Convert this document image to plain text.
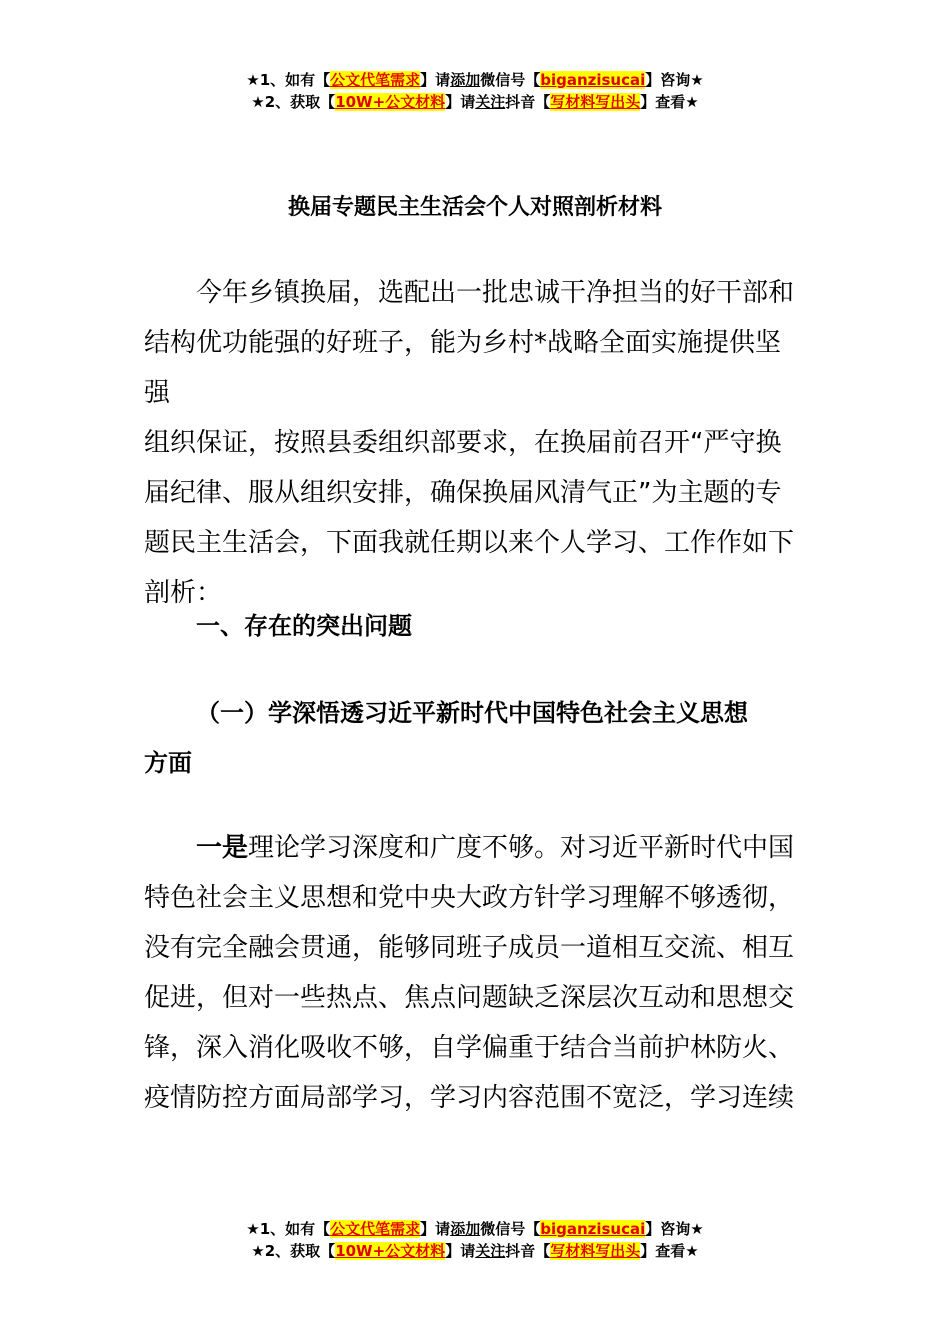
★1、如有【公文代笔需求】请添加微信号【biganzisucai】咨询★
★2、获取【10W+公文材料】请关注抖音【写材料写出头】查看★
换届专题民主生活会个人对照剖析材料
今年乡镇换届，选配出一批忠诚干净担当的好干部和
结构优功能强的好班子，能为乡村*战略全面实施提供坚强
组织保证，按照县委组织部要求，在换届前召开“严守换
届纪律、服从组织安排，确保换届风清气正”为主题的专
题民主生活会，下面我就任期以来个人学习、工作作如下
剖析：
一、存在的突出问题
（一）学深悟透习近平新时代中国特色社会主义思想
方面
一是理论学习深度和广度不够。对习近平新时代中国
特色社会主义思想和党中央大政方针学习理解不够透彻，
没有完全融会贯通，能够同班子成员一道相互交流、相互
促进，但对一些热点、焦点问题缺乏深层次互动和思想交
锋，深入消化吸收不够，自学偏重于结合当前护林防火、
疫情防控方面局部学习，学习内容范围不宽泛，学习连续
★1、如有【公文代笔需求】请添加微信号【biganzisucai】咨询★
★2、获取【10W+公文材料】请关注抖音【写材料写出头】查看★
